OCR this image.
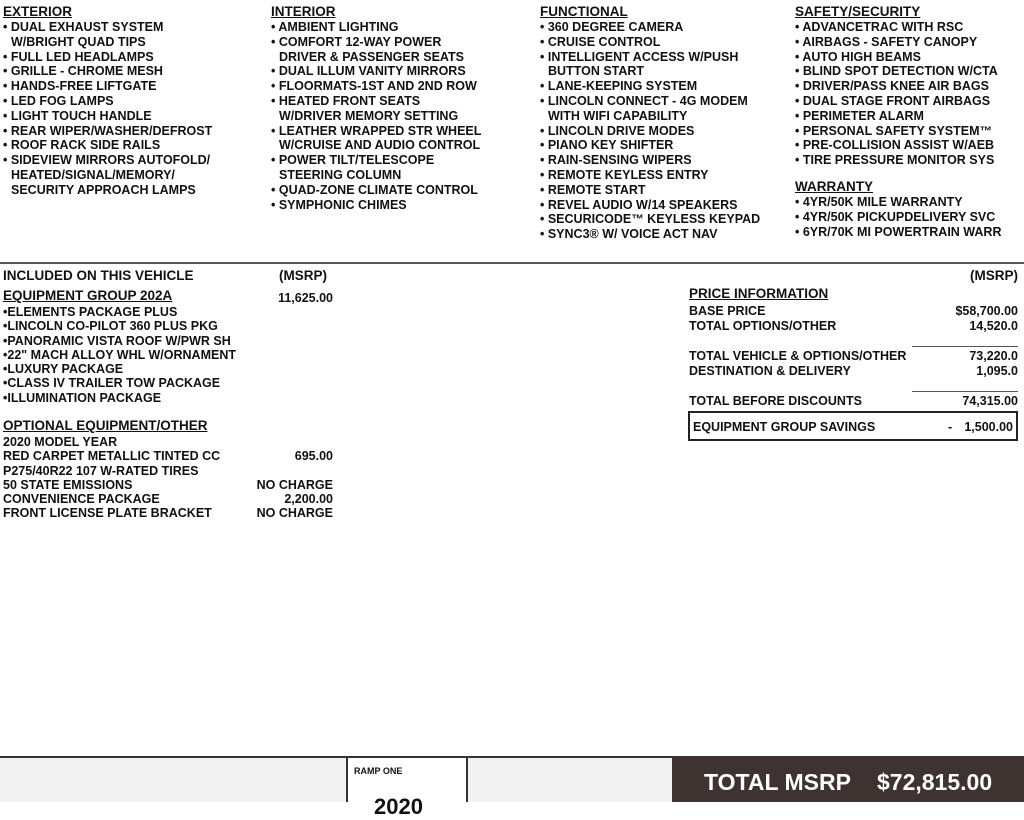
EXTERIOR
• DUAL EXHAUST SYSTEM
W/BRIGHT QUAD TIPS
• FULL LED HEADLAMPS
• GRILLE - CHROME MESH
• HANDS-FREE LIFTGATE
• LED FOG LAMPS
• LIGHT TOUCH HANDLE
• REAR WIPER/WASHER/DEFROST
• ROOF RACK SIDE RAILS
• SIDEVIEW MIRRORS AUTOFOLD/
HEATED/SIGNAL/MEMORY/
SECURITY APPROACH LAMPS
INTERIOR
• AMBIENT LIGHTING
• COMFORT 12-WAY POWER
DRIVER & PASSENGER SEATS
• DUAL ILLUM VANITY MIRRORS
• FLOORMATS-1ST AND 2ND ROW
• HEATED FRONT SEATS
W/DRIVER MEMORY SETTING
• LEATHER WRAPPED STR WHEEL
W/CRUISE AND AUDIO CONTROL
• POWER TILT/TELESCOPE
STEERING COLUMN
• QUAD-ZONE CLIMATE CONTROL
• SYMPHONIC CHIMES
FUNCTIONAL
• 360 DEGREE CAMERA
• CRUISE CONTROL
• INTELLIGENT ACCESS W/PUSH
BUTTON START
• LANE-KEEPING SYSTEM
• LINCOLN CONNECT - 4G MODEM
WITH WIFI CAPABILITY
• LINCOLN DRIVE MODES
• PIANO KEY SHIFTER
• RAIN-SENSING WIPERS
• REMOTE KEYLESS ENTRY
• REMOTE START
• REVEL AUDIO W/14 SPEAKERS
• SECURICODE™ KEYLESS KEYPAD
• SYNC3® W/ VOICE ACT NAV
SAFETY/SECURITY
• ADVANCETRAC WITH RSC
• AIRBAGS - SAFETY CANOPY
• AUTO HIGH BEAMS
• BLIND SPOT DETECTION W/CTA
• DRIVER/PASS KNEE AIR BAGS
• DUAL STAGE FRONT AIRBAGS
• PERIMETER ALARM
• PERSONAL SAFETY SYSTEM™
• PRE-COLLISION ASSIST W/AEB
• TIRE PRESSURE MONITOR SYS
WARRANTY
• 4YR/50K MILE WARRANTY
• 4YR/50K PICKUPDELIVERY SVC
• 6YR/70K MI POWERTRAIN WARR
INCLUDED ON THIS VEHICLE	(MSRP)
EQUIPMENT GROUP 202A	11,625.00
•ELEMENTS PACKAGE PLUS
•LINCOLN CO-PILOT 360 PLUS PKG
•PANORAMIC VISTA ROOF W/PWR SH
•22" MACH ALLOY WHL W/ORNAMENT
•LUXURY PACKAGE
•CLASS IV TRAILER TOW PACKAGE
•ILLUMINATION PACKAGE
OPTIONAL EQUIPMENT/OTHER
2020 MODEL YEAR
RED CARPET METALLIC TINTED CC	695.00
P275/40R22 107 W-RATED TIRES
50 STATE EMISSIONS	NO CHARGE
CONVENIENCE PACKAGE	2,200.00
FRONT LICENSE PLATE BRACKET	NO CHARGE
(MSRP)
PRICE INFORMATION
BASE PRICE	$58,700.00
TOTAL OPTIONS/OTHER	14,520.0
TOTAL VEHICLE & OPTIONS/OTHER	73,220.0
DESTINATION & DELIVERY	1,095.0
TOTAL BEFORE DISCOUNTS	74,315.00
EQUIPMENT GROUP SAVINGS	- 1,500.00
RAMP ONE
2020
TOTAL MSRP $72,815.00
